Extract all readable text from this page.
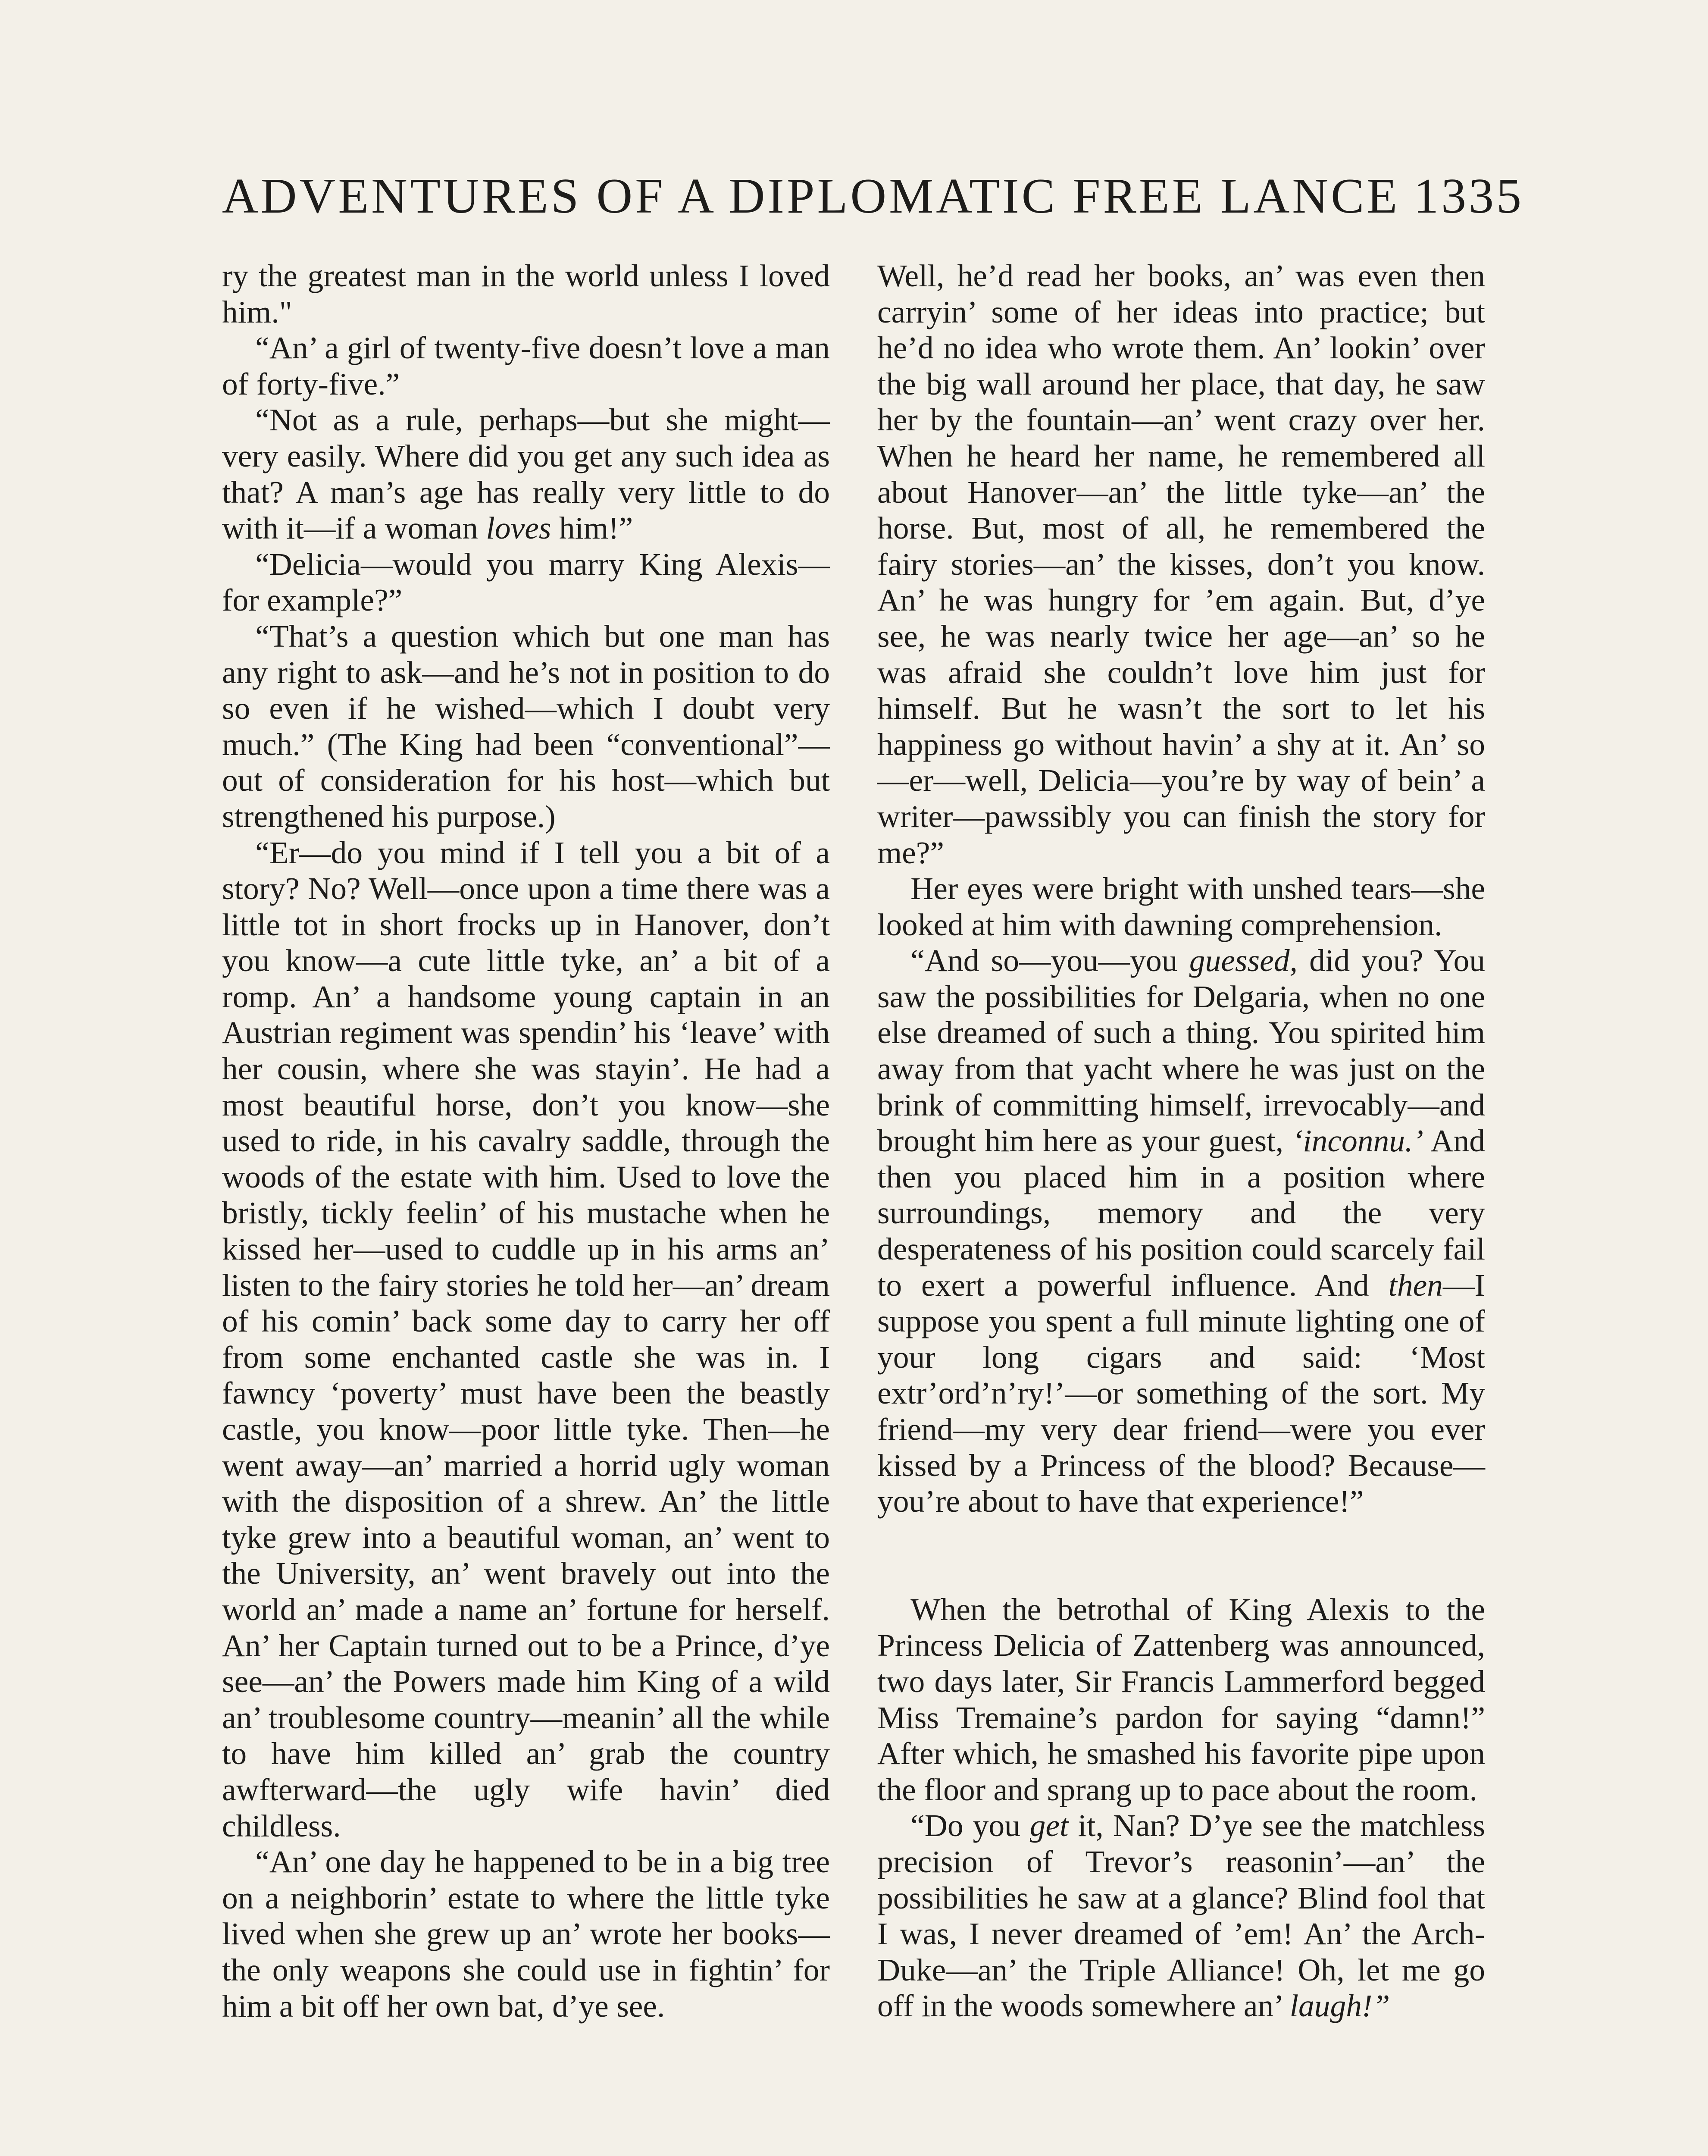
ADVENTURES OF A DIPLOMATIC FREE LANCE 1335

ry the greatest man in the world unless I loved him."

“An’ a girl of twenty-five doesn’t love a man of forty-five.”

“Not as a rule, perhaps—but she might—very easily. Where did you get any such idea as that? A man’s age has really very little to do with it—if a woman loves him!”

“Delicia—would you marry King Alexis—for example?”

“That’s a question which but one man has any right to ask—and he’s not in position to do so even if he wished—which I doubt very much.” (The King had been “conventional”—out of consideration for his host—which but strengthened his purpose.)

“Er—do you mind if I tell you a bit of a story? No? Well—once upon a time there was a little tot in short frocks up in Hanover, don’t you know—a cute little tyke, an’ a bit of a romp. An’ a handsome young captain in an Austrian regiment was spendin’ his ‘leave’ with her cousin, where she was stayin’. He had a most beautiful horse, don’t you know—she used to ride, in his cavalry saddle, through the woods of the estate with him. Used to love the bristly, tickly feelin’ of his mustache when he kissed her—used to cuddle up in his arms an’ listen to the fairy stories he told her—an’ dream of his comin’ back some day to carry her off from some enchanted castle she was in. I fawncy ‘poverty’ must have been the beastly castle, you know—poor little tyke. Then—he went away—an’ married a horrid ugly woman with the disposition of a shrew. An’ the little tyke grew into a beautiful woman, an’ went to the University, an’ went bravely out into the world an’ made a name an’ fortune for herself. An’ her Captain turned out to be a Prince, d’ye see—an’ the Powers made him King of a wild an’ troublesome country—meanin’ all the while to have him killed an’ grab the country awfterward—the ugly wife havin’ died childless.

“An’ one day he happened to be in a big tree on a neighborin’ estate to where the little tyke lived when she grew up an’ wrote her books—the only weapons she could use in fightin’ for him a bit off her own bat, d’ye see.

Well, he’d read her books, an’ was even then carryin’ some of her ideas into practice; but he’d no idea who wrote them. An’ lookin’ over the big wall around her place, that day, he saw her by the fountain—an’ went crazy over her. When he heard her name, he remembered all about Hanover—an’ the little tyke—an’ the horse. But, most of all, he remembered the fairy stories—an’ the kisses, don’t you know. An’ he was hungry for ’em again. But, d’ye see, he was nearly twice her age—an’ so he was afraid she couldn’t love him just for himself. But he wasn’t the sort to let his happiness go without havin’ a shy at it. An’ so—er—well, Delicia—you’re by way of bein’ a writer—pawssibly you can finish the story for me?”

Her eyes were bright with unshed tears—she looked at him with dawning comprehension.

“And so—you—you guessed, did you? You saw the possibilities for Delgaria, when no one else dreamed of such a thing. You spirited him away from that yacht where he was just on the brink of committing himself, irrevocably—and brought him here as your guest, ‘inconnu.’ And then you placed him in a position where surroundings, memory and the very desperateness of his position could scarcely fail to exert a powerful influence. And then—I suppose you spent a full minute lighting one of your long cigars and said: ‘Most extr’ord’n’ry!’—or something of the sort. My friend—my very dear friend—were you ever kissed by a Princess of the blood? Because—you’re about to have that experience!”

When the betrothal of King Alexis to the Princess Delicia of Zattenberg was announced, two days later, Sir Francis Lammerford begged Miss Tremaine’s pardon for saying “damn!” After which, he smashed his favorite pipe upon the floor and sprang up to pace about the room.

“Do you get it, Nan? D’ye see the matchless precision of Trevor’s reasonin’—an’ the possibilities he saw at a glance? Blind fool that I was, I never dreamed of ’em! An’ the Arch-Duke—an’ the Triple Alliance! Oh, let me go off in the woods somewhere an’ laugh!”
